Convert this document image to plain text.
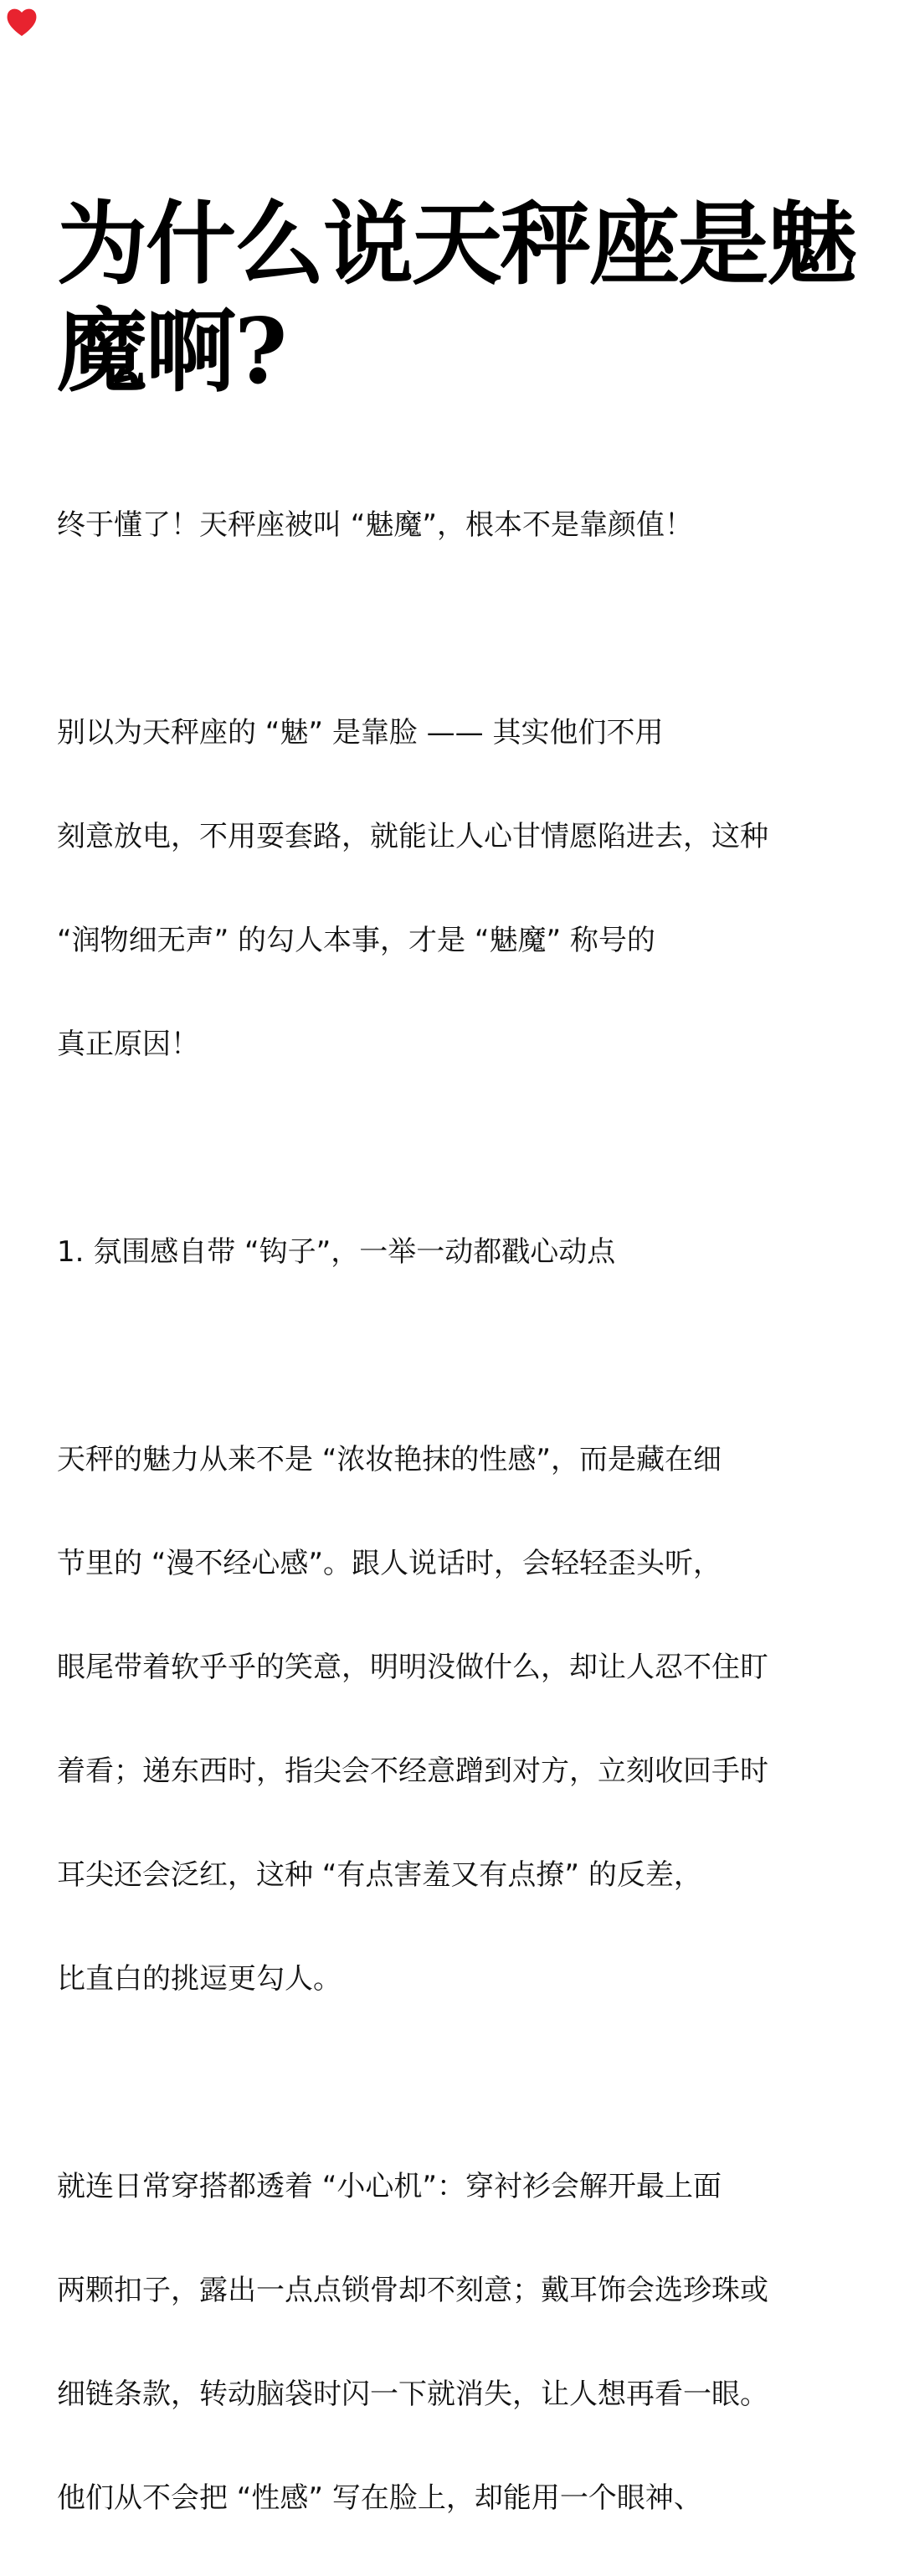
为什么说天秤座是魅
魔啊?

终于懂了！天秤座被叫 “魅魔”，根本不是靠颜值！

别以为天秤座的 “魅” 是靠脸 —— 其实他们不用

刻意放电，不用耍套路，就能让人心甘情愿陷进去，这种

“润物细无声” 的勾人本事，才是 “魅魔” 称号的

真正原因！

1. 氛围感自带 “钩子”，一举一动都戳心动点

天秤的魅力从来不是 “浓妆艳抹的性感”，而是藏在细

节里的 “漫不经心感”。跟人说话时，会轻轻歪头听，

眼尾带着软乎乎的笑意，明明没做什么，却让人忍不住盯

着看；递东西时，指尖会不经意蹭到对方，立刻收回手时

耳尖还会泛红，这种 “有点害羞又有点撩” 的反差，

比直白的挑逗更勾人。

就连日常穿搭都透着 “小心机”：穿衬衫会解开最上面

两颗扣子，露出一点点锁骨却不刻意；戴耳饰会选珍珠或

细链条款，转动脑袋时闪一下就消失，让人想再看一眼。

他们从不会把 “性感” 写在脸上，却能用一个眼神、
